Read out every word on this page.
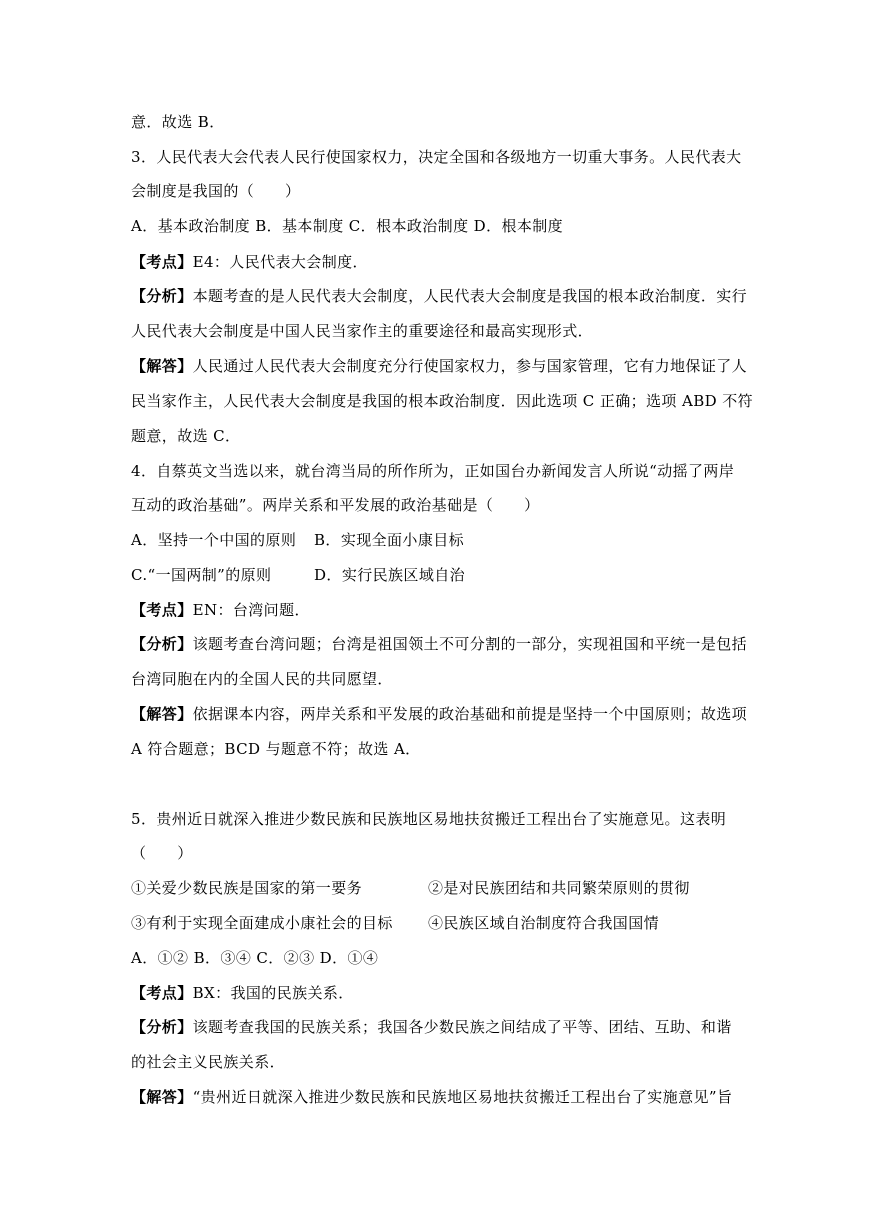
意．故选 B．
3．人民代表大会代表人民行使国家权力，决定全国和各级地方一切重大事务。人民代表大
会制度是我国的（　　）
A．基本政治制度 B．基本制度 C．根本政治制度 D．根本制度
【考点】E4：人民代表大会制度．
【分析】本题考查的是人民代表大会制度，人民代表大会制度是我国的根本政治制度．实行
人民代表大会制度是中国人民当家作主的重要途径和最高实现形式．
【解答】人民通过人民代表大会制度充分行使国家权力，参与国家管理，它有力地保证了人
民当家作主，人民代表大会制度是我国的根本政治制度．因此选项 C 正确；选项 ABD 不符
题意，故选 C．
4．自蔡英文当选以来，就台湾当局的所作所为，正如国台办新闻发言人所说“动摇了两岸
互动的政治基础”。两岸关系和平发展的政治基础是（　　）
A．坚持一个中国的原则 B．实现全面小康目标
C.“一国两制”的原则	D．实行民族区域自治
【考点】EN：台湾问题．
【分析】该题考查台湾问题；台湾是祖国领土不可分割的一部分，实现祖国和平统一是包括
台湾同胞在内的全国人民的共同愿望．
【解答】依据课本内容，两岸关系和平发展的政治基础和前提是坚持一个中国原则；故选项
A 符合题意；BCD 与题意不符；故选 A．
5．贵州近日就深入推进少数民族和民族地区易地扶贫搬迁工程出台了实施意见。这表明
（　　）
①关爱少数民族是国家的第一要务	②是对民族团结和共同繁荣原则的贯彻
③有利于实现全面建成小康社会的目标 ④民族区域自治制度符合我国国情
A．①② B．③④ C．②③ D．①④
【考点】BX：我国的民族关系．
【分析】该题考查我国的民族关系；我国各少数民族之间结成了平等、团结、互助、和谐
的社会主义民族关系．
【解答】“贵州近日就深入推进少数民族和民族地区易地扶贫搬迁工程出台了实施意见”旨
